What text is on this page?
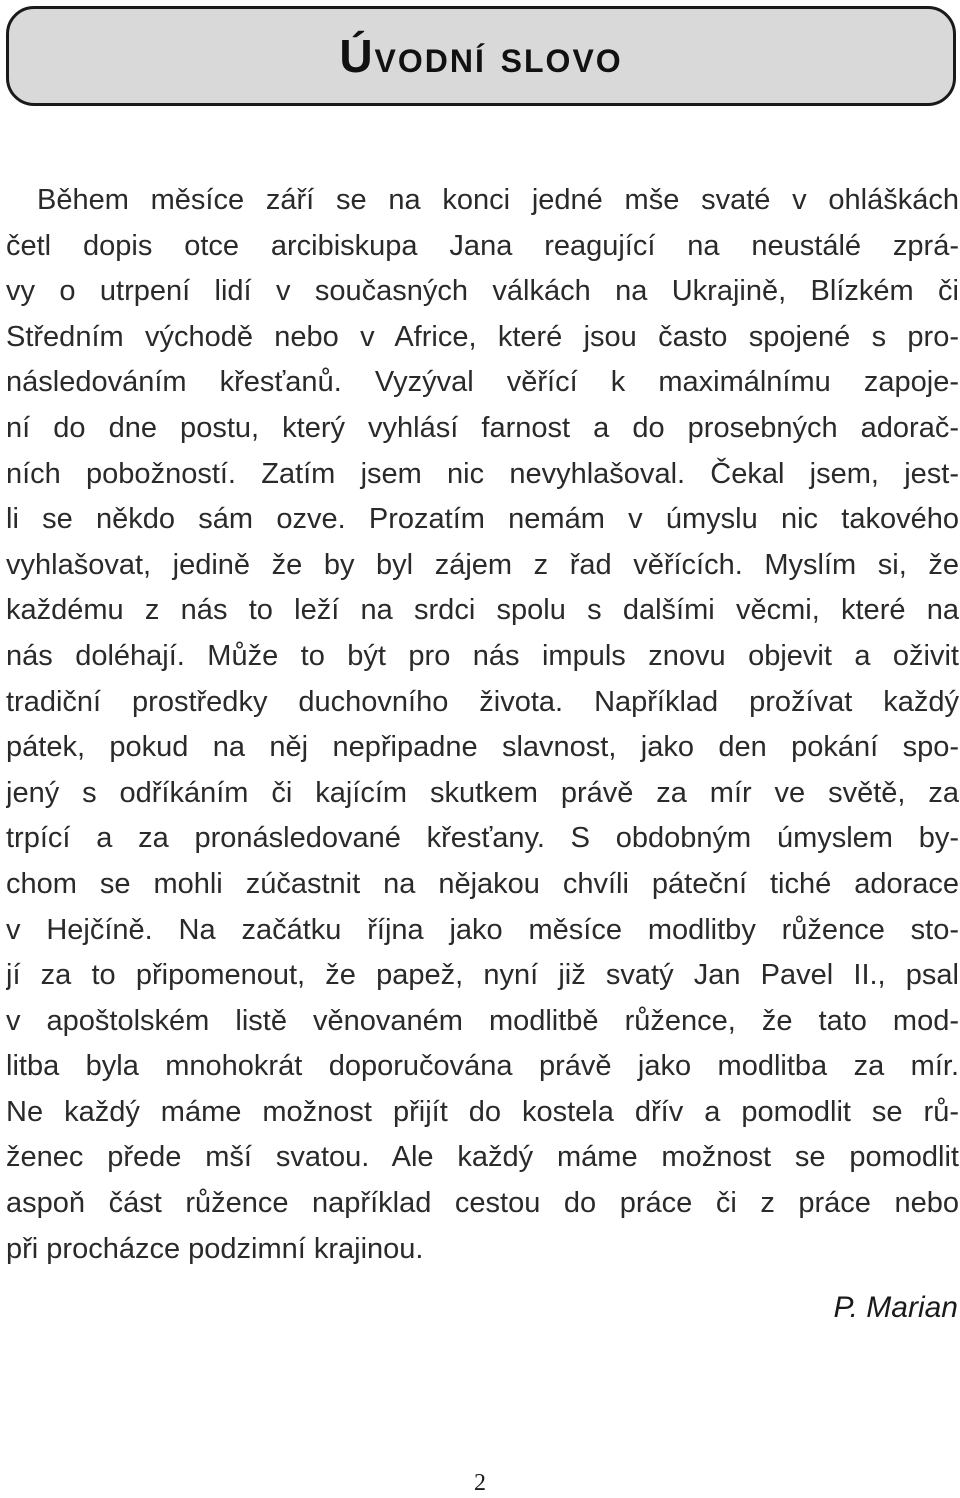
Úvodní slovo
Během měsíce září se na konci jedné mše svaté v ohláškách
četl dopis otce arcibiskupa Jana reagující na neustálé zprá-
vy o utrpení lidí v současných válkách na Ukrajině, Blízkém či
Středním východě nebo v Africe, které jsou často spojené s pro-
následováním křesťanů. Vyzýval věřící k maximálnímu zapoje-
ní do dne postu, který vyhlásí farnost a do prosebných adorač-
ních pobožností. Zatím jsem nic nevyhlašoval. Čekal jsem, jest-
li se někdo sám ozve. Prozatím nemám v úmyslu nic takového
vyhlašovat, jedině že by byl zájem z řad věřících. Myslím si, že
každému z nás to leží na srdci spolu s dalšími věcmi, které na
nás doléhají. Může to být pro nás impuls znovu objevit a oživit
tradiční prostředky duchovního života. Například prožívat každý
pátek, pokud na něj nepřipadne slavnost, jako den pokání spo-
jený s odříkáním či kajícím skutkem právě za mír ve světě, za
trpící a za pronásledované křesťany. S obdobným úmyslem by-
chom se mohli zúčastnit na nějakou chvíli páteční tiché adorace
v Hejčíně. Na začátku října jako měsíce modlitby růžence sto-
jí za to připomenout, že papež, nyní již svatý Jan Pavel II., psal
v apoštolském listě věnovaném modlitbě růžence, že tato mod-
litba byla mnohokrát doporučována právě jako modlitba za mír.
Ne každý máme možnost přijít do kostela dřív a pomodlit se rů-
ženec přede mší svatou. Ale každý máme možnost se pomodlit
aspoň část růžence například cestou do práce či z práce nebo
při procházce podzimní krajinou.

P. Marian

2
